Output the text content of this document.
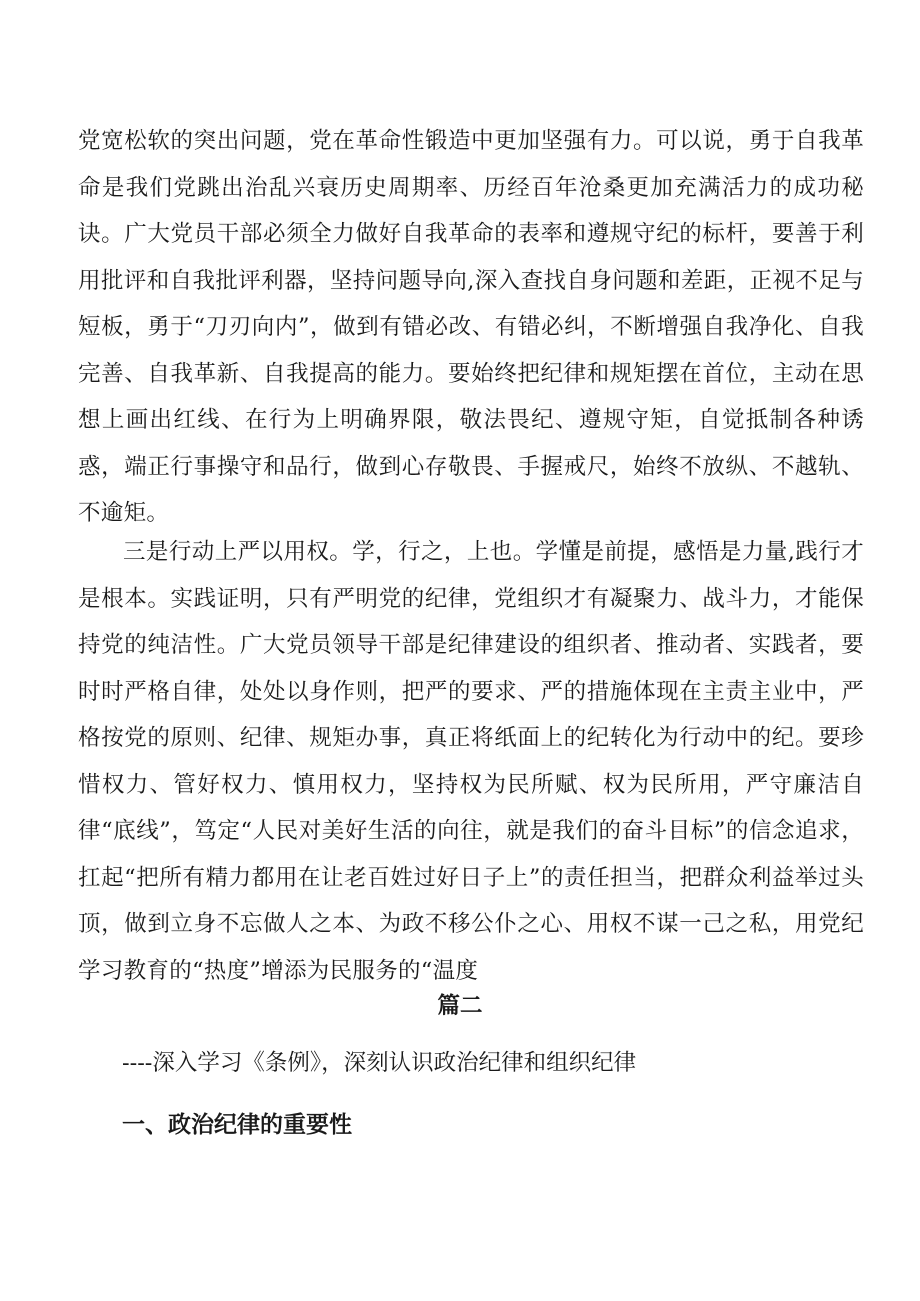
党宽松软的突出问题，党在革命性锻造中更加坚强有力。可以说，勇于自我革命是我们党跳出治乱兴衰历史周期率、历经百年沧桑更加充满活力的成功秘诀。广大党员干部必须全力做好自我革命的表率和遵规守纪的标杆，要善于利用批评和自我批评利器，坚持问题导向,深入查找自身问题和差距，正视不足与短板，勇于“刀刃向内”，做到有错必改、有错必纠，不断增强自我净化、自我完善、自我革新、自我提高的能力。要始终把纪律和规矩摆在首位，主动在思想上画出红线、在行为上明确界限，敬法畏纪、遵规守矩，自觉抵制各种诱惑，端正行事操守和品行，做到心存敬畏、手握戒尺，始终不放纵、不越轨、不逾矩。

三是行动上严以用权。学，行之，上也。学懂是前提，感悟是力量,践行才是根本。实践证明，只有严明党的纪律，党组织才有凝聚力、战斗力，才能保持党的纯洁性。广大党员领导干部是纪律建设的组织者、推动者、实践者，要时时严格自律，处处以身作则，把严的要求、严的措施体现在主责主业中，严格按党的原则、纪律、规矩办事，真正将纸面上的纪转化为行动中的纪。要珍惜权力、管好权力、慎用权力，坚持权为民所赋、权为民所用，严守廉洁自律“底线”，笃定“人民对美好生活的向往，就是我们的奋斗目标”的信念追求，扛起“把所有精力都用在让老百姓过好日子上”的责任担当，把群众利益举过头顶，做到立身不忘做人之本、为政不移公仆之心、用权不谋一己之私，用党纪学习教育的“热度”增添为民服务的“温度

篇二

----深入学习《条例》，深刻认识政治纪律和组织纪律

一、政治纪律的重要性
